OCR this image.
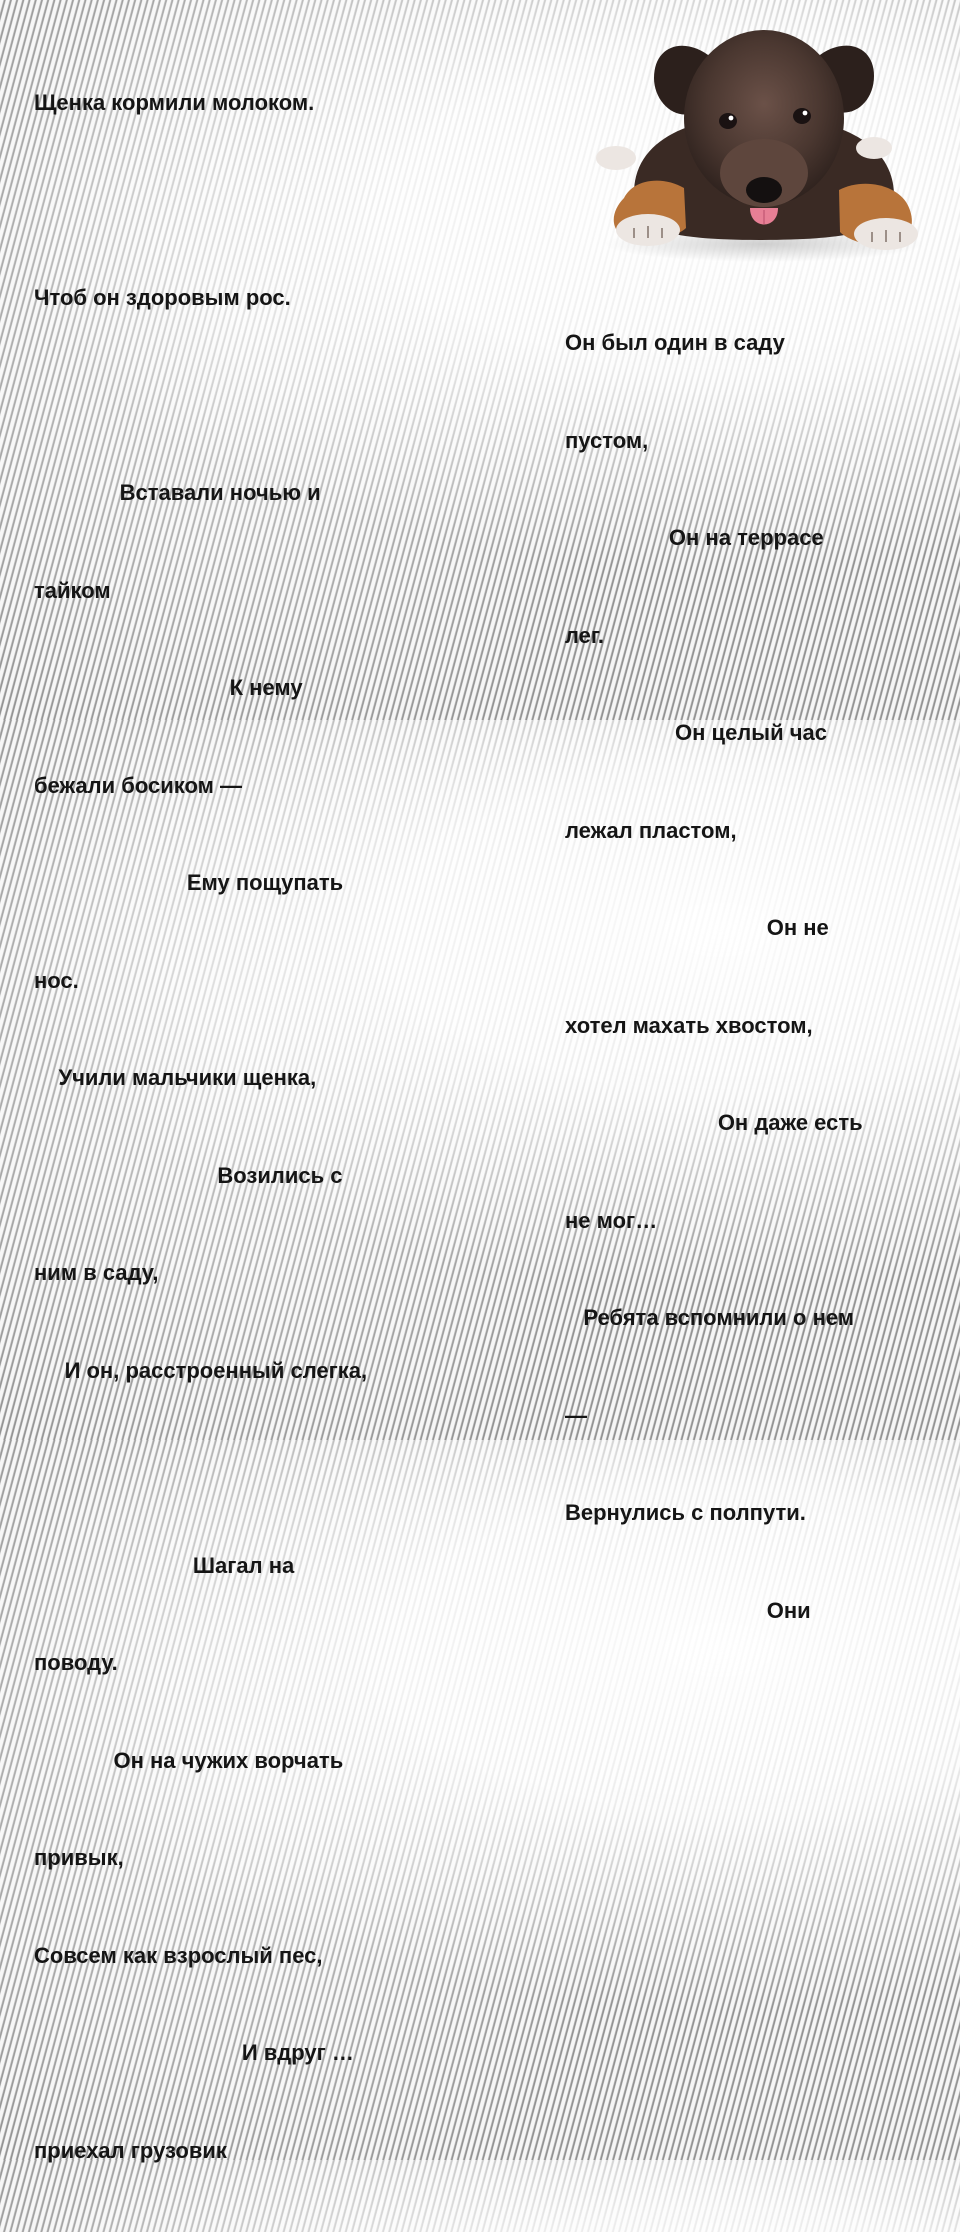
Щенка кормили молоком.

Чтоб он здоровым рос.

Вставали ночью и

тайком

К нему

бежали босиком —

Ему пощупать

нос.

Учили мальчики щенка,

Возились с

ним в саду,

И он, расстроенный слегка,

Шагал на

поводу.

Он на чужих ворчать

привык,

Совсем как взрослый пес,

И вдруг …

приехал грузовик

Он был один в саду

пустом,

Он на террасе

лег.

Он целый час

лежал пластом,

Он не

хотел махать хвостом,

Он даже есть

не мог…

Ребята вспомнили о нем

—

Вернулись с полпути.

Они
